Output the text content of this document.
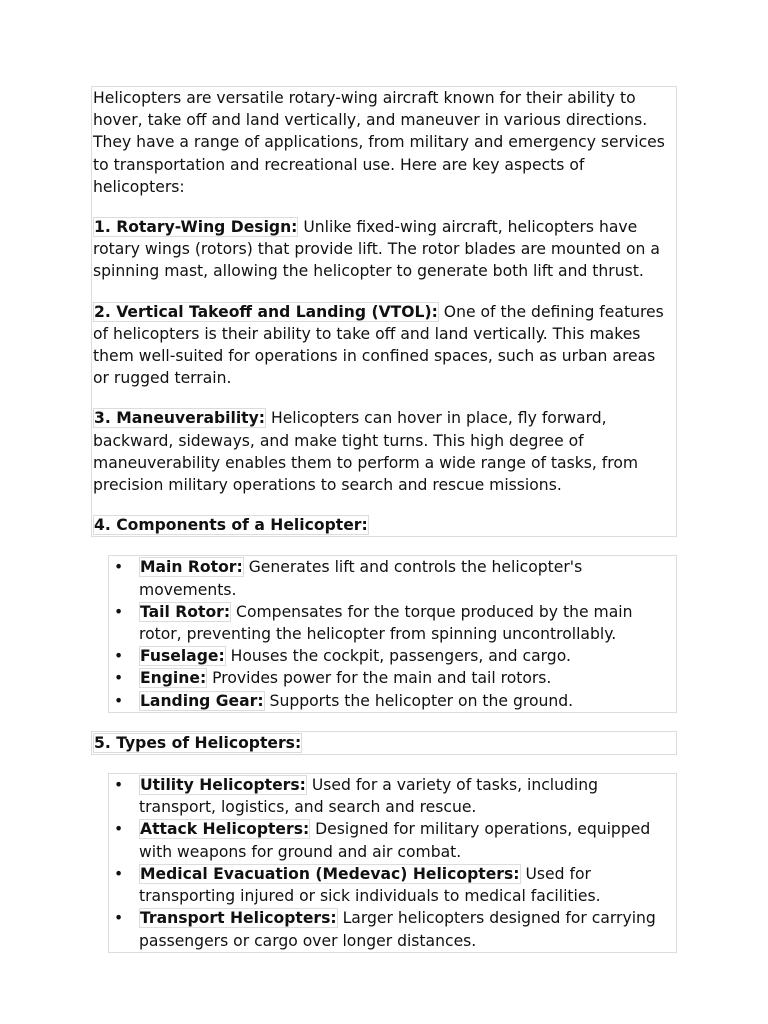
Helicopters are versatile rotary-wing aircraft known for their ability to hover, take off and land vertically, and maneuver in various directions. They have a range of applications, from military and emergency services to transportation and recreational use. Here are key aspects of helicopters:

1. Rotary-Wing Design: Unlike fixed-wing aircraft, helicopters have rotary wings (rotors) that provide lift. The rotor blades are mounted on a spinning mast, allowing the helicopter to generate both lift and thrust.

2. Vertical Takeoff and Landing (VTOL): One of the defining features of helicopters is their ability to take off and land vertically. This makes them well-suited for operations in confined spaces, such as urban areas or rugged terrain.

3. Maneuverability: Helicopters can hover in place, fly forward, backward, sideways, and make tight turns. This high degree of maneuverability enables them to perform a wide range of tasks, from precision military operations to search and rescue missions.

4. Components of a Helicopter:

• Main Rotor: Generates lift and controls the helicopter's movements.
• Tail Rotor: Compensates for the torque produced by the main rotor, preventing the helicopter from spinning uncontrollably.
• Fuselage: Houses the cockpit, passengers, and cargo.
• Engine: Provides power for the main and tail rotors.
• Landing Gear: Supports the helicopter on the ground.
5. Types of Helicopters:
• Utility Helicopters: Used for a variety of tasks, including transport, logistics, and search and rescue.
• Attack Helicopters: Designed for military operations, equipped with weapons for ground and air combat.
• Medical Evacuation (Medevac) Helicopters: Used for transporting injured or sick individuals to medical facilities.
• Transport Helicopters: Larger helicopters designed for carrying passengers or cargo over longer distances.
